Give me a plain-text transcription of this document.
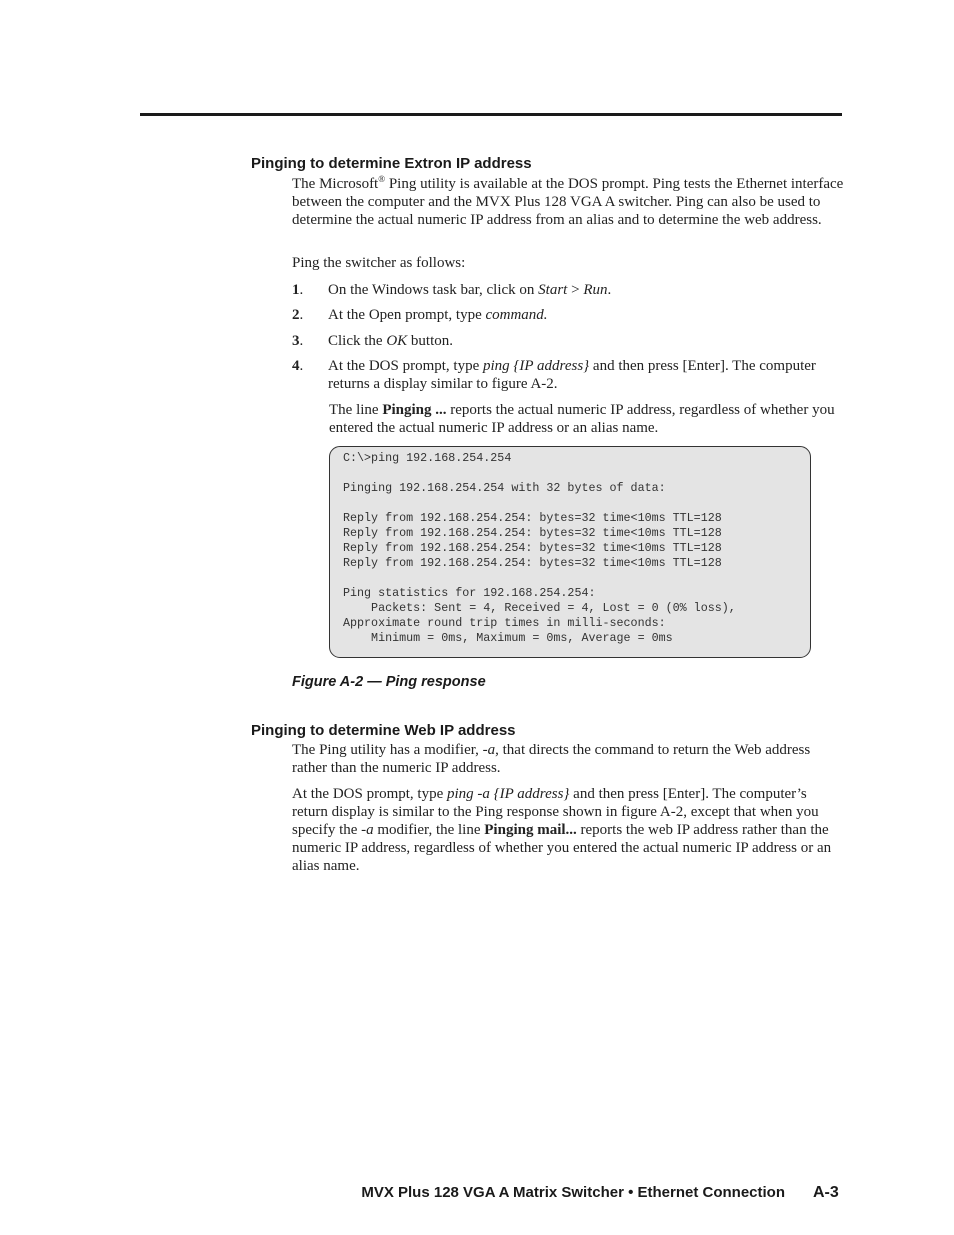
Pinging to determine Extron IP address
The Microsoft® Ping utility is available at the DOS prompt. Ping tests the Ethernet interface between the computer and the MVX Plus 128 VGA A switcher. Ping can also be used to determine the actual numeric IP address from an alias and to determine the web address.
Ping the switcher as follows:
1. On the Windows task bar, click on Start > Run.
2. At the Open prompt, type command.
3. Click the OK button.
4. At the DOS prompt, type ping {IP address} and then press [Enter]. The computer returns a display similar to figure A-2.
The line Pinging ... reports the actual numeric IP address, regardless of whether you entered the actual numeric IP address or an alias name.
C:\>ping 192.168.254.254

Pinging 192.168.254.254 with 32 bytes of data:

Reply from 192.168.254.254: bytes=32 time<10ms TTL=128
Reply from 192.168.254.254: bytes=32 time<10ms TTL=128
Reply from 192.168.254.254: bytes=32 time<10ms TTL=128
Reply from 192.168.254.254: bytes=32 time<10ms TTL=128

Ping statistics for 192.168.254.254:
Packets: Sent = 4, Received = 4, Lost = 0 (0% loss),
Approximate round trip times in milli-seconds:
Minimum = 0ms, Maximum = 0ms, Average = 0ms
Figure A-2 — Ping response
Pinging to determine Web IP address
The Ping utility has a modifier, -a, that directs the command to return the Web address rather than the numeric IP address.
At the DOS prompt, type ping -a {IP address} and then press [Enter]. The computer’s return display is similar to the Ping response shown in figure A-2, except that when you specify the -a modifier, the line Pinging mail... reports the web IP address rather than the numeric IP address, regardless of whether you entered the actual numeric IP address or an alias name.
MVX Plus 128 VGA A Matrix Switcher • Ethernet Connection A-3
